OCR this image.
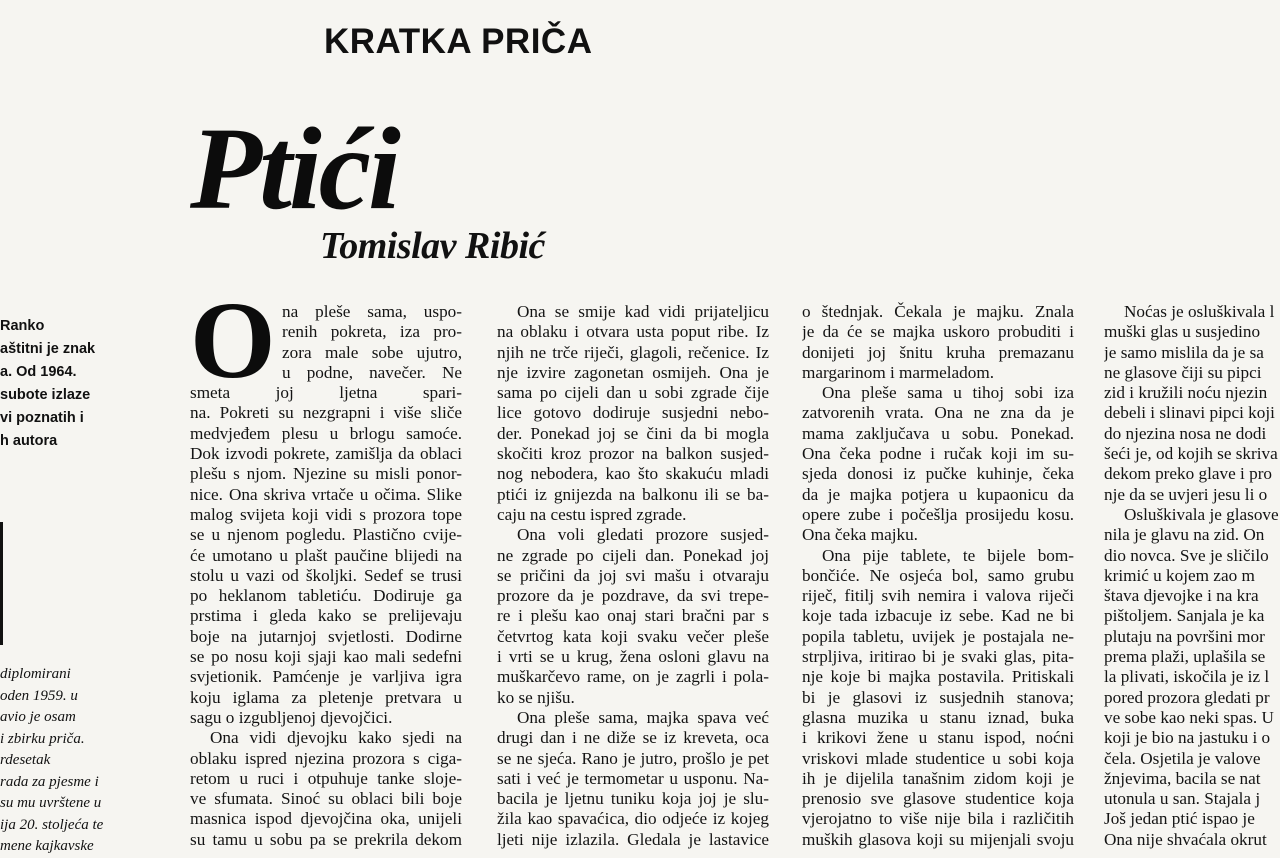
KRATKA PRIČA
Ptići
Tomislav Ribić
Ranko
aštitni je znak
a. Od 1964.
subote izlaze
vi poznatih i
h autora
diplomirani
oden 1959. u
avio je osam
i zbirku priča.
rdesetak
rada za pjesme i
su mu uvrštene u
ija 20. stoljeća te
mene kajkavske
O na pleše sama, uspo-
renih pokreta, iza pro-
zora male sobe ujutro,
u podne, navečer. Ne
smeta joj ljetna spari-
na. Pokreti su nezgrapni i više sliče
medvjeđem plesu u brlogu samoće.
Dok izvodi pokrete, zamišlja da oblaci
plešu s njom. Njezine su misli ponor-
nice. Ona skriva vrtače u očima. Slike
malog svijeta koji vidi s prozora tope
se u njenom pogledu. Plastično cvije-
će umotano u plašt paučine blijedi na
stolu u vazi od školjki. Sedef se trusi
po heklanom tabletiću. Dodiruje ga
prstima i gleda kako se prelijevaju
boje na jutarnjoj svjetlosti. Dodirne
se po nosu koji sjaji kao mali sedefni
svjetionik. Pamćenje je varljiva igra
koju iglama za pletenje pretvara u
sagu o izgubljenoj djevojčici.
Ona vidi djevojku kako sjedi na
oblaku ispred njezina prozora s ciga-
retom u ruci i otpuhuje tanke sloje-
ve sfumata. Sinoć su oblaci bili boje
masnica ispod djevojčina oka, unijeli
su tamu u sobu pa se prekrila dekom
Ona se smije kad vidi prijateljicu
na oblaku i otvara usta poput ribe. Iz
njih ne trče riječi, glagoli, rečenice. Iz
nje izvire zagonetan osmijeh. Ona je
sama po cijeli dan u sobi zgrade čije
lice gotovo dodiruje susjedni nebo-
der. Ponekad joj se čini da bi mogla
skočiti kroz prozor na balkon susjed-
nog nebodera, kao što skakuću mladi
ptići iz gnijezda na balkonu ili se ba-
caju na cestu ispred zgrade.
Ona voli gledati prozore susjed-
ne zgrade po cijeli dan. Ponekad joj
se pričini da joj svi mašu i otvaraju
prozore da je pozdrave, da svi trepe-
re i plešu kao onaj stari bračni par s
četvrtog kata koji svaku večer pleše
i vrti se u krug, žena osloni glavu na
muškarčevo rame, on je zagrli i pola-
ko se njišu.
Ona pleše sama, majka spava već
drugi dan i ne diže se iz kreveta, oca
se ne sjeća. Rano je jutro, prošlo je pet
sati i već je termometar u usponu. Na-
bacila je ljetnu tuniku koja joj je slu-
žila kao spavaćica, dio odjeće iz kojeg
ljeti nije izlazila. Gledala je lastavice
o štednjak. Čekala je majku. Znala
je da će se majka uskoro probuditi i
donijeti joj šnitu kruha premazanu
margarinom i marmeladom.
Ona pleše sama u tihoj sobi iza
zatvorenih vrata. Ona ne zna da je
mama zaključava u sobu. Ponekad.
Ona čeka podne i ručak koji im su-
sjeda donosi iz pučke kuhinje, čeka
da je majka potjera u kupaonicu da
opere zube i počešlja prosijedu kosu.
Ona čeka majku.
Ona pije tablete, te bijele bom-
bončiće. Ne osjeća bol, samo grubu
riječ, fitilj svih nemira i valova riječi
koje tada izbacuje iz sebe. Kad ne bi
popila tabletu, uvijek je postajala ne-
strpljiva, iritirao bi je svaki glas, pita-
nje koje bi majka postavila. Pritiskali
bi je glasovi iz susjednih stanova;
glasna muzika u stanu iznad, buka
i krikovi žene u stanu ispod, noćni
vriskovi mlade studentice u sobi koja
ih je dijelila tanašnim zidom koji je
prenosio sve glasove studentice koja
vjerojatno to više nije bila i različitih
muških glasova koji su mijenjali svoju
Noćas je osluškivala l
muški glas u susjedino
je samo mislila da je sa
ne glasove čiji su pipci
zid i kružili noću njezin
debeli i slinavi pipci koji
do njezina nosa ne dodi
šeći je, od kojih se skriva
dekom preko glave i pro
nje da se uvjeri jesu li o
Osluškivala je glasove
nila je glavu na zid. On
dio novca. Sve je sličilo
krimić u kojem zao m
štava djevojke i na kra
pištoljem. Sanjala je ka
plutaju na površini mor
prema plaži, uplašila se
la plivati, iskočila je iz l
pored prozora gledati pr
ve sobe kao neki spas. U
koji je bio na jastuku i o
čela. Osjetila je valove
žnjevima, bacila se nat
utonula u san. Stajala j
Još jedan ptić ispao je
Ona nije shvaćala okrut
